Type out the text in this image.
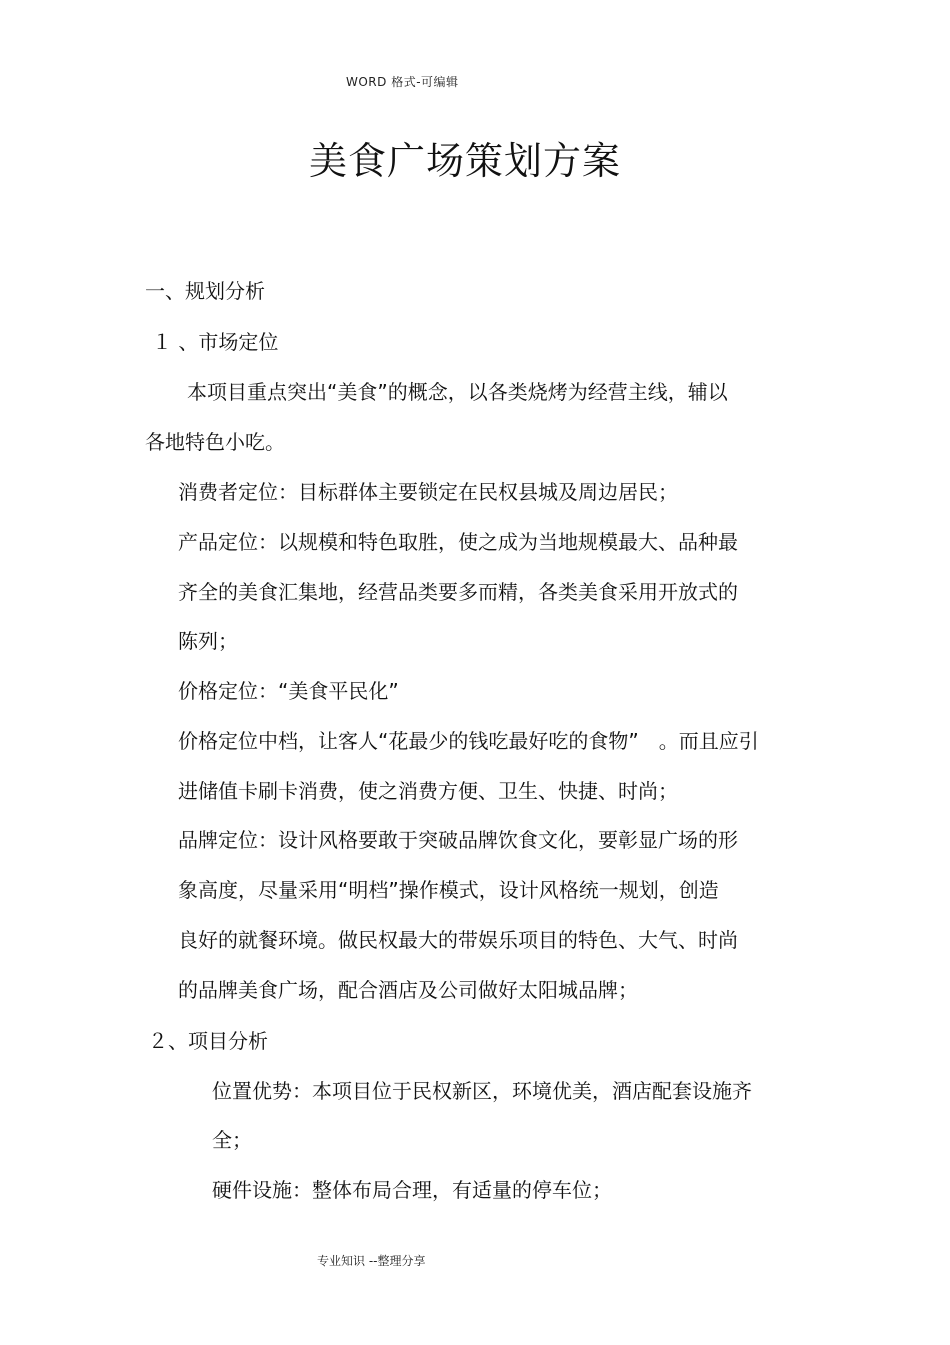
WORD 格式-可编辑
美食广场策划方案
一、规划分析
１ 、市场定位
本项目重点突出“美食”的概念，以各类烧烤为经营主线，辅以
各地特色小吃。
消费者定位：目标群体主要锁定在民权县城及周边居民；
产品定位：以规模和特色取胜，使之成为当地规模最大、品种最
齐全的美食汇集地，经营品类要多而精，各类美食采用开放式的
陈列；
价格定位：“美食平民化”
价格定位中档，让客人“花最少的钱吃最好吃的食物”　。而且应引
进储值卡刷卡消费，使之消费方便、卫生、快捷、时尚；
品牌定位：设计风格要敢于突破品牌饮食文化，要彰显广场的形
象高度，尽量采用“明档”操作模式，设计风格统一规划，创造
良好的就餐环境。做民权最大的带娱乐项目的特色、大气、时尚
的品牌美食广场，配合酒店及公司做好太阳城品牌；
２、项目分析
位置优势：本项目位于民权新区，环境优美，酒店配套设施齐
全；
硬件设施：整体布局合理，有适量的停车位；
专业知识 --整理分享
